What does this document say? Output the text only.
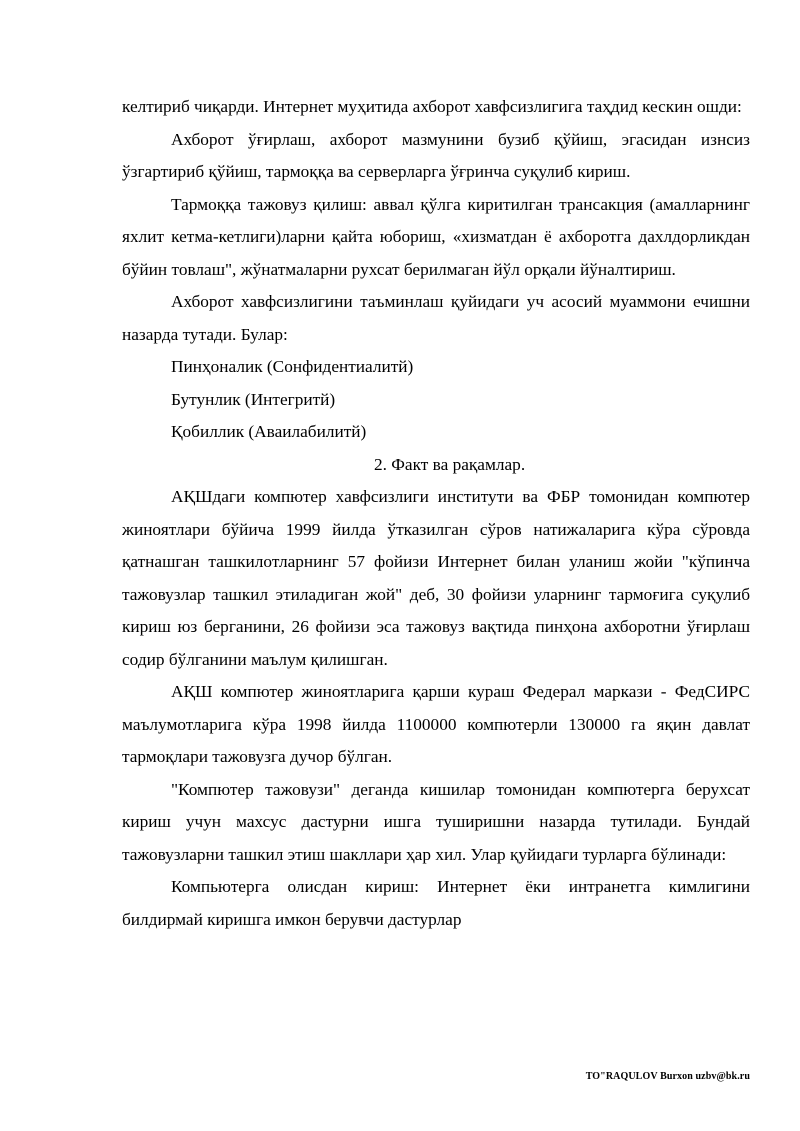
келтириб чиқарди. Интернет муҳитида ахборот хавфсизлигига таҳдид кескин ошди:

Ахборот ўғирлаш, ахборот мазмунини бузиб қўйиш, эгасидан изнсиз ўзгартириб қўйиш, тармоққа ва серверларга ўғринча суқулиб кириш.

Тармоққа тажовуз қилиш: аввал қўлга киритилган трансакция (амалларнинг яхлит кетма-кетлиги)ларни қайта юбориш, «хизматдан ё ахборотга дахлдорликдан бўйин товлаш", жўнатмаларни рухсат берилмаган йўл орқали йўналтириш.

Ахборот хавфсизлигини таъминлаш қуйидаги уч асосий муаммони ечишни назарда тутади. Булар:

Пинҳоналик (Сонфидентиалитй)

Бутунлик (Интегритй)

Қобиллик (Аваилабилитй)

2. Факт ва рақамлар.

АҚШдаги компютер хавфсизлиги институти ва ФБР томонидан компютер жиноятлари бўйича 1999 йилда ўтказилган сўров натижаларига кўра сўровда қатнашган ташкилотларнинг 57 фойизи Интернет билан уланиш жойи "кўпинча тажовузлар ташкил этиладиган жой" деб, 30 фойизи уларнинг тармоғига суқулиб кириш юз берганини, 26 фойизи эса тажовуз вақтида пинҳона ахборотни ўғирлаш содир бўлганини маълум қилишган.

АҚШ компютер жиноятларига қарши кураш Федерал маркази - ФедСИРС маълумотларига кўра 1998 йилда 1100000 компютерли 130000 га яқин давлат тармоқлари тажовузга дучор бўлган.

"Компютер тажовузи" деганда кишилар томонидан компютерга берухсат кириш учун махсус дастурни ишга туширишни назарда тутилади. Бундай тажовузларни ташкил этиш шакллари ҳар хил. Улар қуйидаги турларга бўлинади:

Компьютерга олисдан кириш: Интернет ёки интранетга кимлигини билдирмай киришга имкон берувчи дастурлар

TO"RAQULOV Burxon uzbv@bk.ru
